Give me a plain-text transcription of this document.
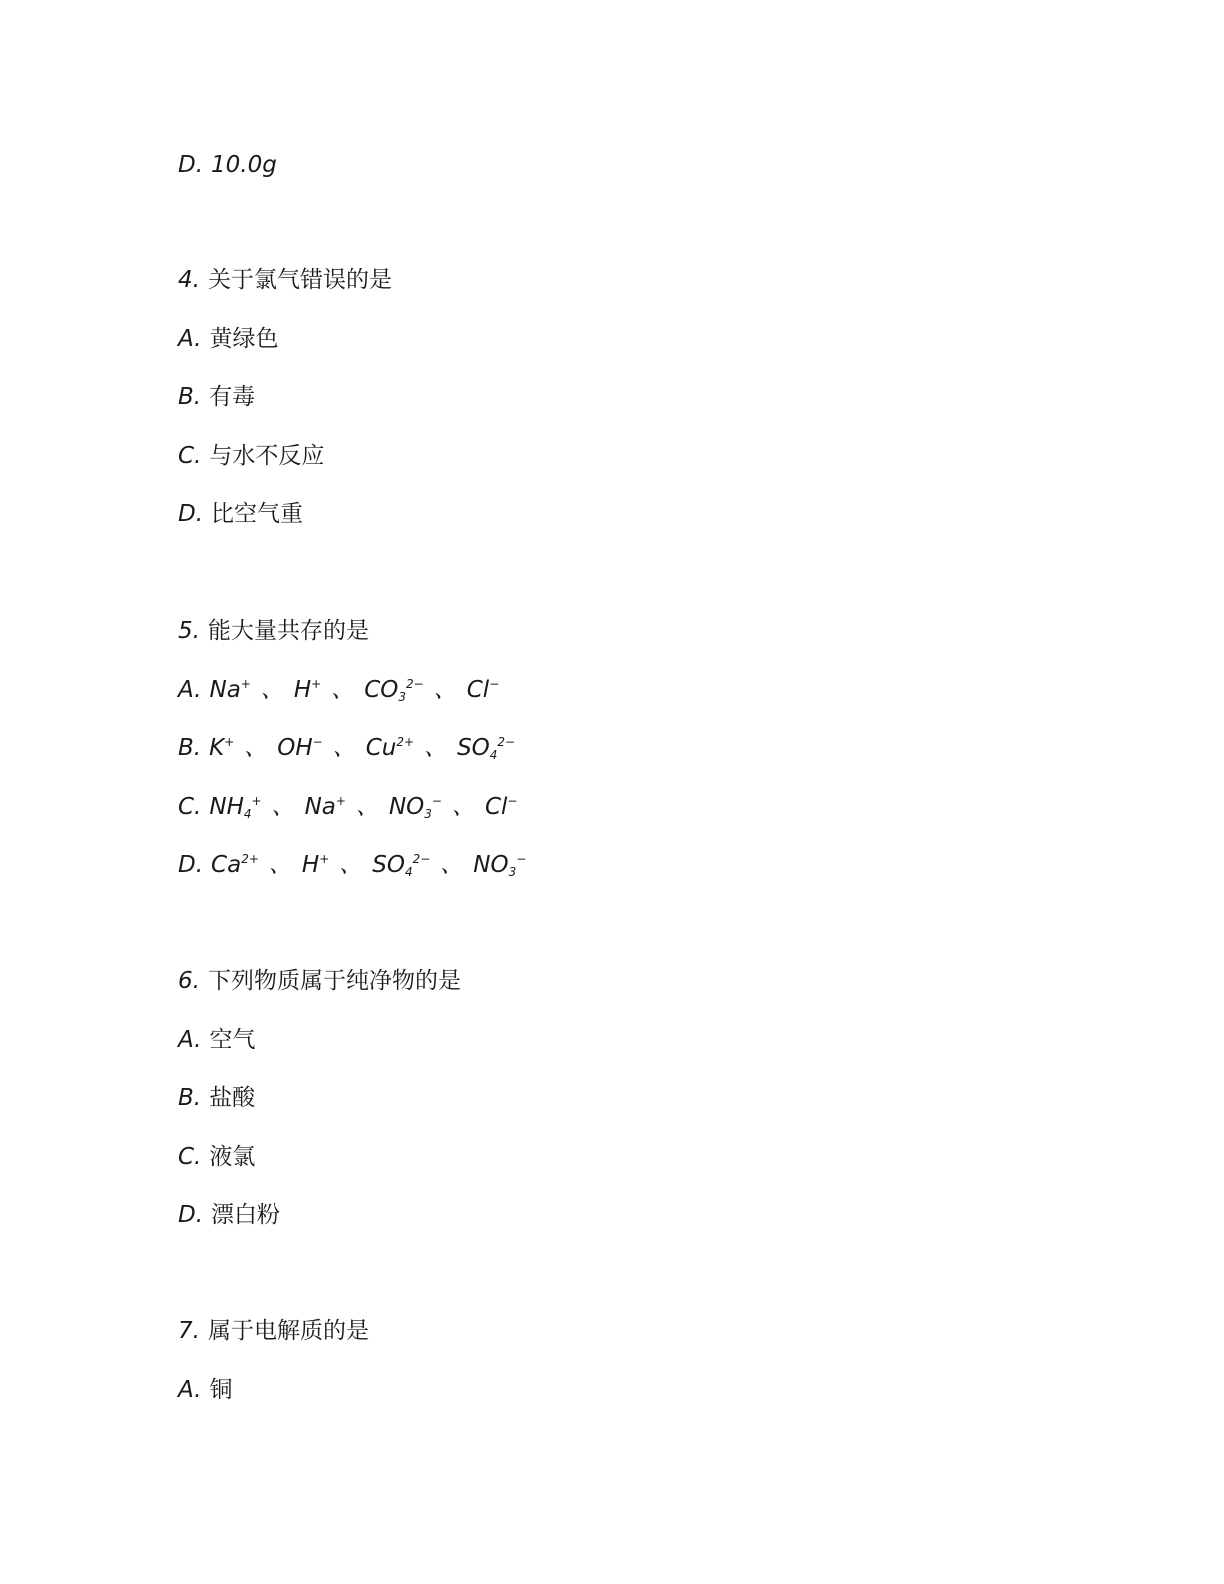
D. 10.0g
4. 关于氯气错误的是
A. 黄绿色
B. 有毒
C. 与水不反应
D. 比空气重
5. 能大量共存的是
A. Na+ 、 H+ 、 $CO_3^{2-}$ 、 Cl−
B. K+ 、 OH− 、 $Cu^{2+}$ 、 $SO_4^{2-}$
C. $NH_4^+$ 、 Na+ 、 $NO_3^-$ 、 Cl−
D. $Ca^{2+}$ 、 H+ 、 $SO_4^{2-}$ 、 $NO_3^-$
6. 下列物质属于纯净物的是
A. 空气
B. 盐酸
C. 液氯
D. 漂白粉
7. 属于电解质的是
A. 铜
